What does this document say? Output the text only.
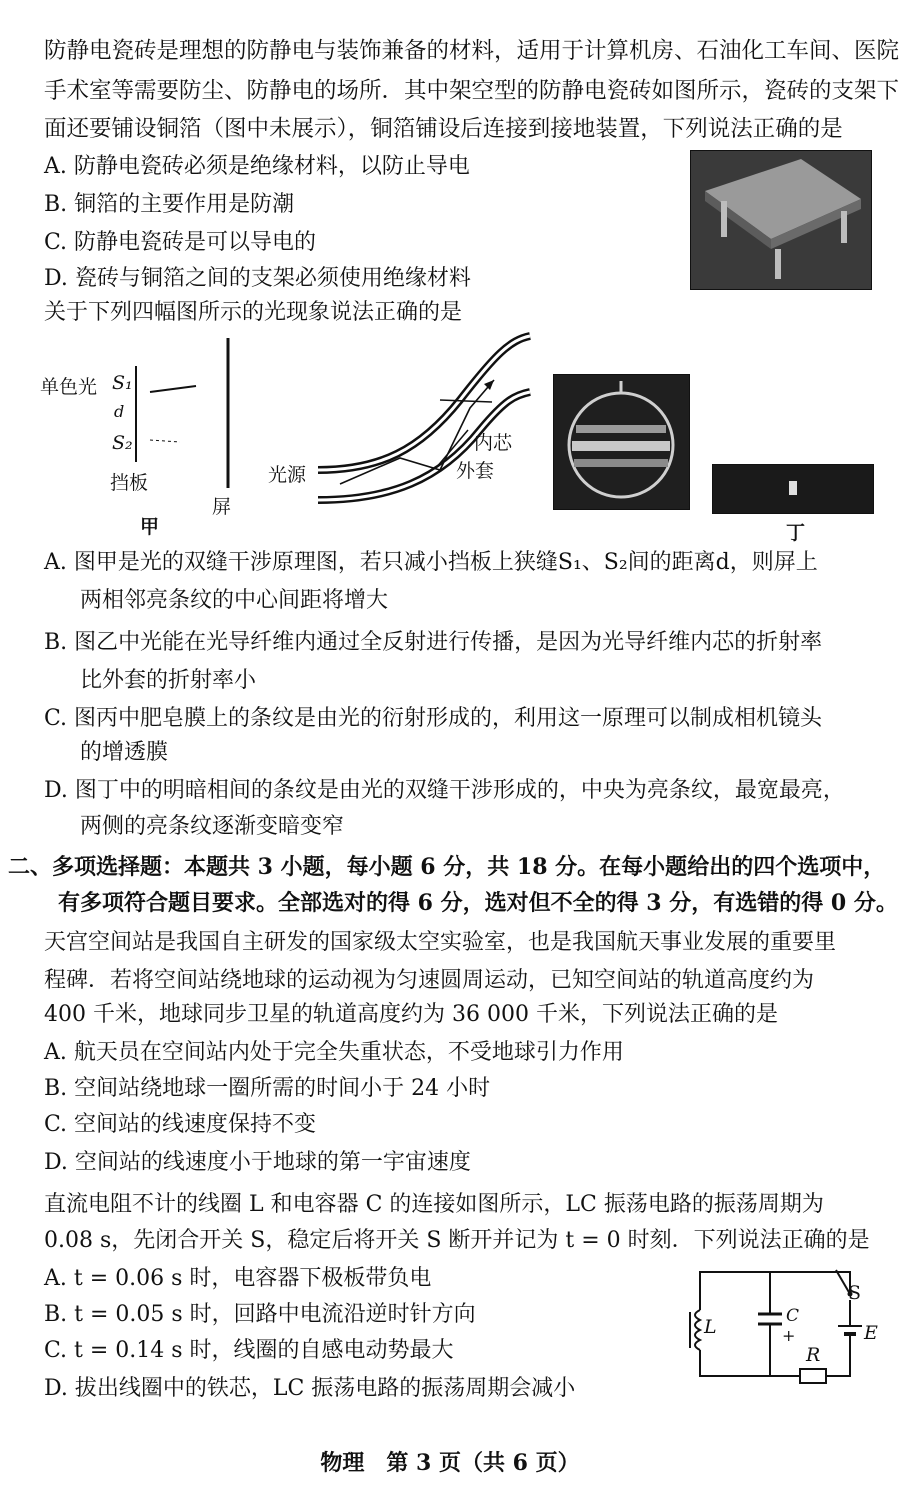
防静电瓷砖是理想的防静电与装饰兼备的材料，适用于计算机房、石油化工车间、医院
手术室等需要防尘、防静电的场所．其中架空型的防静电瓷砖如图所示，瓷砖的支架下
面还要铺设铜箔（图中未展示），铜箔铺设后连接到接地装置，下列说法正确的是
A. 防静电瓷砖必须是绝缘材料，以防止导电
B. 铜箔的主要作用是防潮
C. 防静电瓷砖是可以导电的
D. 瓷砖与铜箔之间的支架必须使用绝缘材料
关于下列四幅图所示的光现象说法正确的是
单色光 S₁
S₂
d
挡板
屏
甲
光源
内芯
外套
丁
A. 图甲是光的双缝干涉原理图，若只减小挡板上狭缝S₁、S₂间的距离d，则屏上
两相邻亮条纹的中心间距将增大
B. 图乙中光能在光导纤维内通过全反射进行传播，是因为光导纤维内芯的折射率
比外套的折射率小
C. 图丙中肥皂膜上的条纹是由光的衍射形成的，利用这一原理可以制成相机镜头
的增透膜
D. 图丁中的明暗相间的条纹是由光的双缝干涉形成的，中央为亮条纹，最宽最亮，
两侧的亮条纹逐渐变暗变窄
二、多项选择题：本题共 3 小题，每小题 6 分，共 18 分。在每小题给出的四个选项中，
有多项符合题目要求。全部选对的得 6 分，选对但不全的得 3 分，有选错的得 0 分。
天宫空间站是我国自主研发的国家级太空实验室，也是我国航天事业发展的重要里
程碑．若将空间站绕地球的运动视为匀速圆周运动，已知空间站的轨道高度约为
400 千米，地球同步卫星的轨道高度约为 36 000 千米，下列说法正确的是
A. 航天员在空间站内处于完全失重状态，不受地球引力作用
B. 空间站绕地球一圈所需的时间小于 24 小时
C. 空间站的线速度保持不变
D. 空间站的线速度小于地球的第一宇宙速度
直流电阻不计的线圈 L 和电容器 C 的连接如图所示，LC 振荡电路的振荡周期为
0.08 s，先闭合开关 S，稳定后将开关 S 断开并记为 t = 0 时刻．下列说法正确的是
A. t = 0.06 s 时，电容器下极板带负电
B. t = 0.05 s 时，回路中电流沿逆时针方向
C. t = 0.14 s 时，线圈的自感电动势最大
D. 拔出线圈中的铁芯，LC 振荡电路的振荡周期会减小
L	C
+
S
E
R
物理　第 3 页（共 6 页）
